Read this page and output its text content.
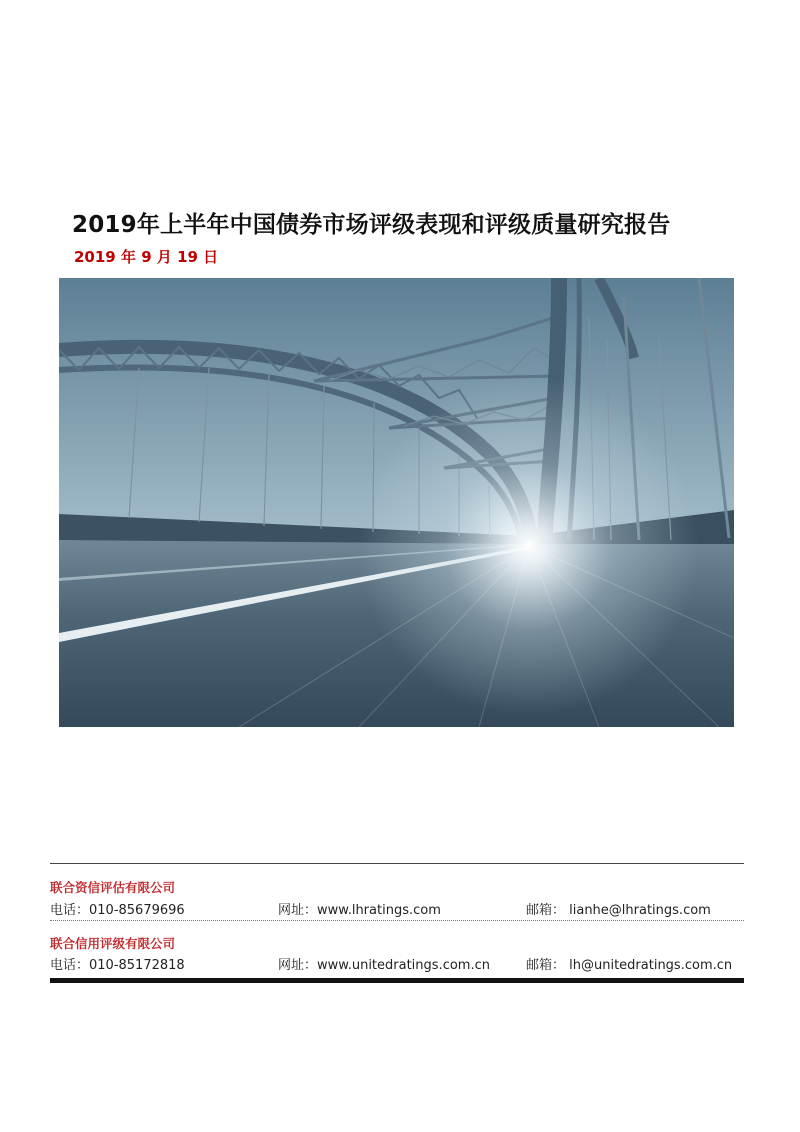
2019年上半年中国债券市场评级表现和评级质量研究报告
2019 年 9 月 19 日
联合资信评估有限公司
电话：010-85679696	网址：www.lhratings.com	邮箱： lianhe@lhratings.com
联合信用评级有限公司
电话：010-85172818	网址：www.unitedratings.com.cn	邮箱： lh@unitedratings.com.cn
